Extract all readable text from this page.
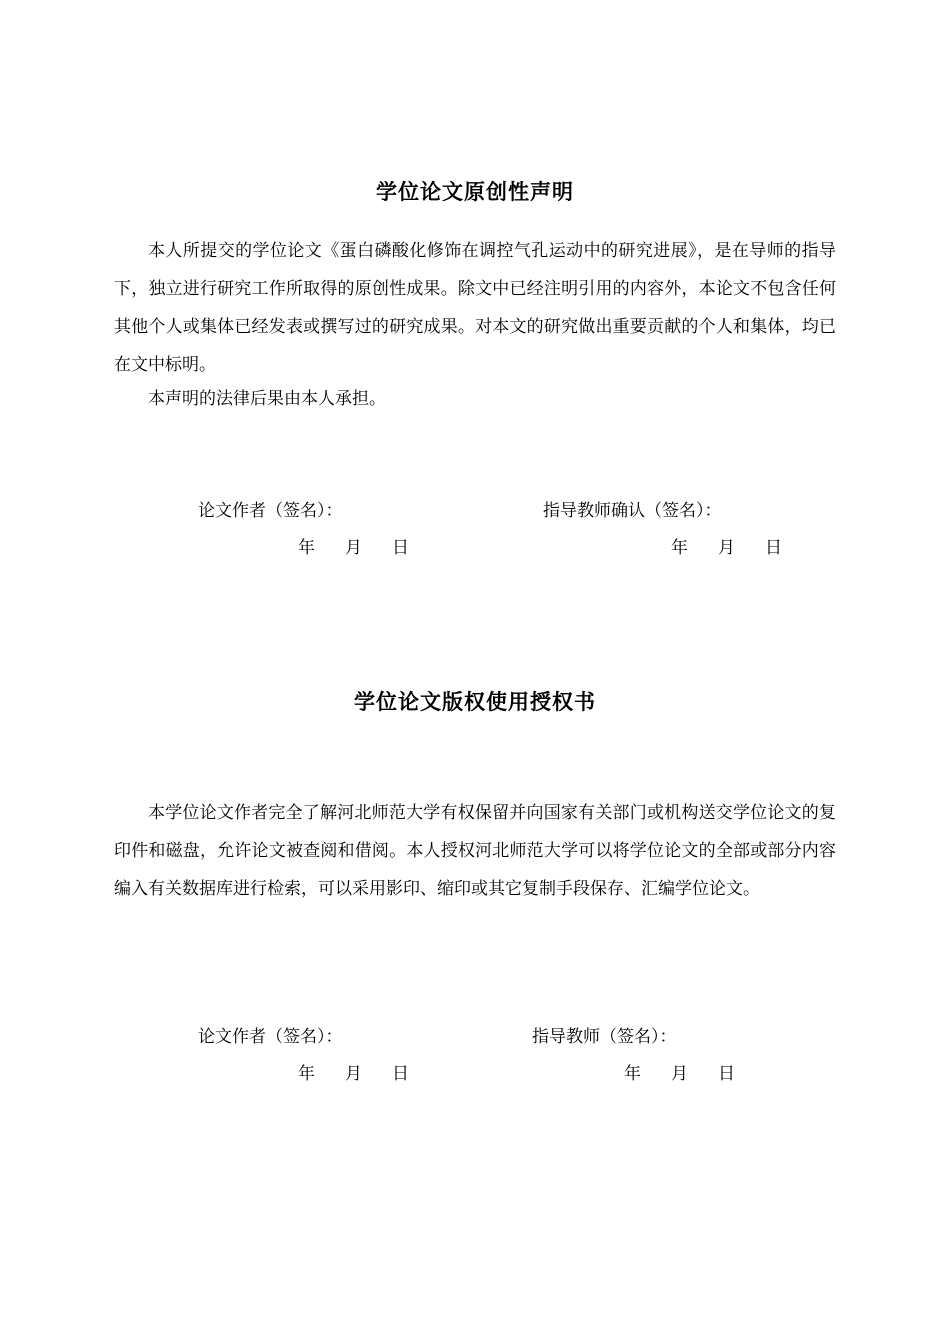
学位论文原创性声明
本人所提交的学位论文《蛋白磷酸化修饰在调控气孔运动中的研究进展》，是在导师的指导下，独立进行研究工作所取得的原创性成果。除文中已经注明引用的内容外，本论文不包含任何其他个人或集体已经发表或撰写过的研究成果。对本文的研究做出重要贡献的个人和集体，均已在文中标明。
本声明的法律后果由本人承担。
论文作者（签名）：	指导教师确认（签名）：
年 月 日	年 月 日
学位论文版权使用授权书
本学位论文作者完全了解河北师范大学有权保留并向国家有关部门或机构送交学位论文的复印件和磁盘，允许论文被查阅和借阅。本人授权河北师范大学可以将学位论文的全部或部分内容编入有关数据库进行检索，可以采用影印、缩印或其它复制手段保存、汇编学位论文。
论文作者（签名）：	指导教师（签名）：
年 月 日	年 月 日
